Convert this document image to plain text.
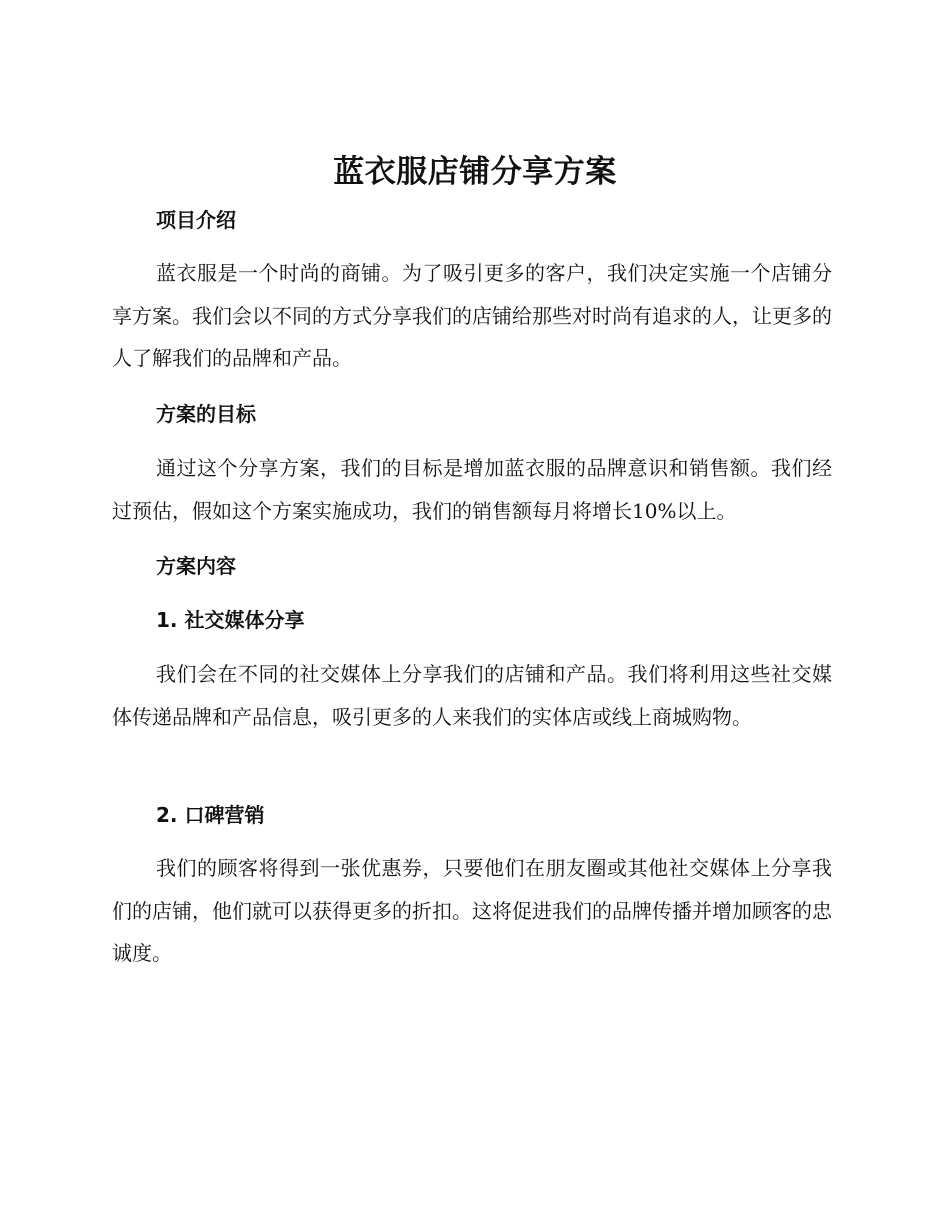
蓝衣服店铺分享方案
项目介绍

蓝衣服是一个时尚的商铺。为了吸引更多的客户，我们决定实施一个店铺分享方案。我们会以不同的方式分享我们的店铺给那些对时尚有追求的人，让更多的人了解我们的品牌和产品。

方案的目标

通过这个分享方案，我们的目标是增加蓝衣服的品牌意识和销售额。我们经过预估，假如这个方案实施成功，我们的销售额每月将增长10%以上。

方案内容
1. 社交媒体分享

我们会在不同的社交媒体上分享我们的店铺和产品。我们将利用这些社交媒体传递品牌和产品信息，吸引更多的人来我们的实体店或线上商城购物。

2. 口碑营销

我们的顾客将得到一张优惠券，只要他们在朋友圈或其他社交媒体上分享我们的店铺，他们就可以获得更多的折扣。这将促进我们的品牌传播并增加顾客的忠诚度。
